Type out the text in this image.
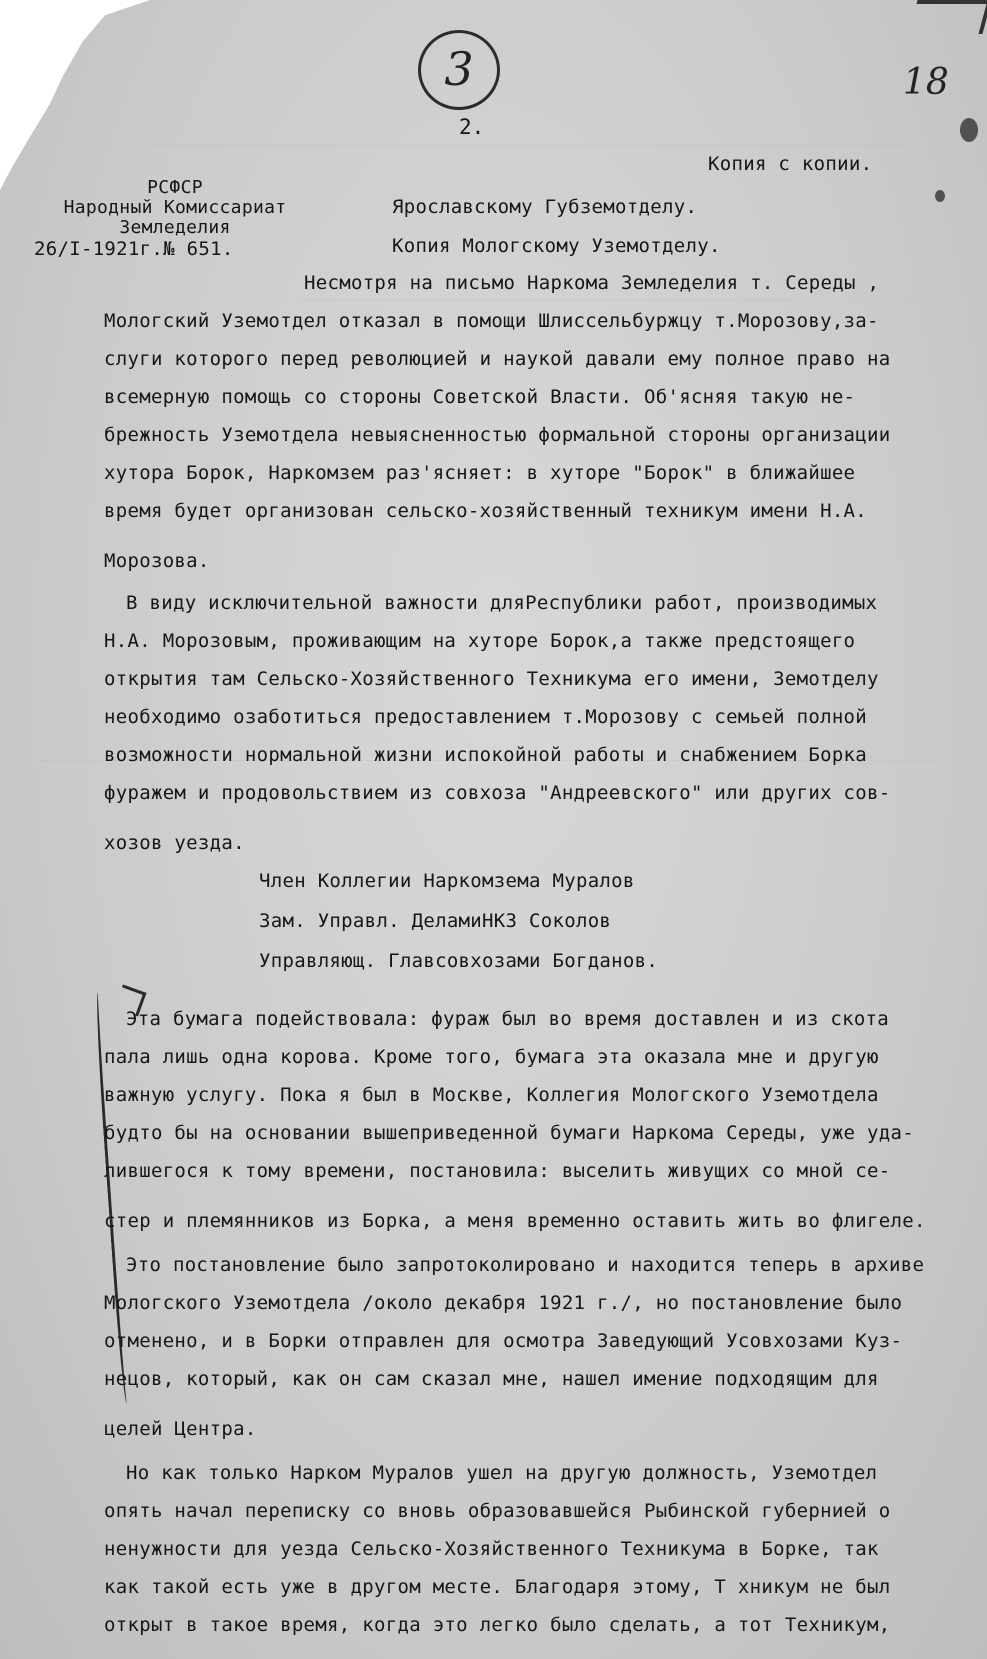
3	18
2.
Копия с копии.
РСФСР
Народный Комиссариат
Земледелия
26/I-1921г.№ 651.
Ярославскому Губземотделу.
Копия Мологскому Уземотделу.
Несмотря на письмо Наркома Земледелия т. Середы ,
Мологский Уземотдел отказал в помощи Шлиссельбуржцу т.Морозову,за-
слуги которого перед революцией и наукой давали ему полное право на
всемерную помощь со стороны Советской Власти. Об'ясняя такую не-
брежность Уземотдела невыясненностью формальной стороны организации
хутора Борок, Наркомзем раз'ясняет: в хуторе "Борок" в ближайшее
время будет организован сельско-хозяйственный техникум имени Н.А.
Морозова.
В виду исключительной важности дляРеспублики работ, производимых
Н.А. Морозовым, проживающим на хуторе Борок,а также предстоящего
открытия там Сельско-Хозяйственного Техникума его имени, Земотделу
необходимо озаботиться предоставлением т.Морозову с семьей полной
возможности нормальной жизни испокойной работы и снабжением Борка
фуражем и продовольствием из совхоза "Андреевского" или других сов-
хозов уезда.
Член Коллегии Наркомзема Муралов
Зам. Управл. ДеламиНКЗ Соколов
Управляющ. Главсовхозами Богданов.
Эта бумага подействовала: фураж был во время доставлен и из скота
пала лишь одна корова. Кроме того, бумага эта оказала мне и другую
важную услугу. Пока я был в Москве, Коллегия Мологского Уземотдела
будто бы на основании вышеприведенной бумаги Наркома Середы, уже уда-
лившегося к тому времени, постановила: выселить живущих со мной се-
стер и племянников из Борка, а меня временно оставить жить во флигеле.
Это постановление было запротоколировано и находится теперь в архиве
Мологского Уземотдела /около декабря 1921 г./, но постановление было
отменено, и в Борки отправлен для осмотра Заведующий Усовхозами Куз-
нецов, который, как он сам сказал мне, нашел имение подходящим для
целей Центра.
Но как только Нарком Муралов ушел на другую должность, Уземотдел
опять начал переписку со вновь образовавшейся Рыбинской губернией о
ненужности для уезда Сельско-Хозяйственного Техникума в Борке, так
как такой есть уже в другом месте. Благодаря этому, Т хникум не был
открыт в такое время, когда это легко было сделать, а тот Техникум,
